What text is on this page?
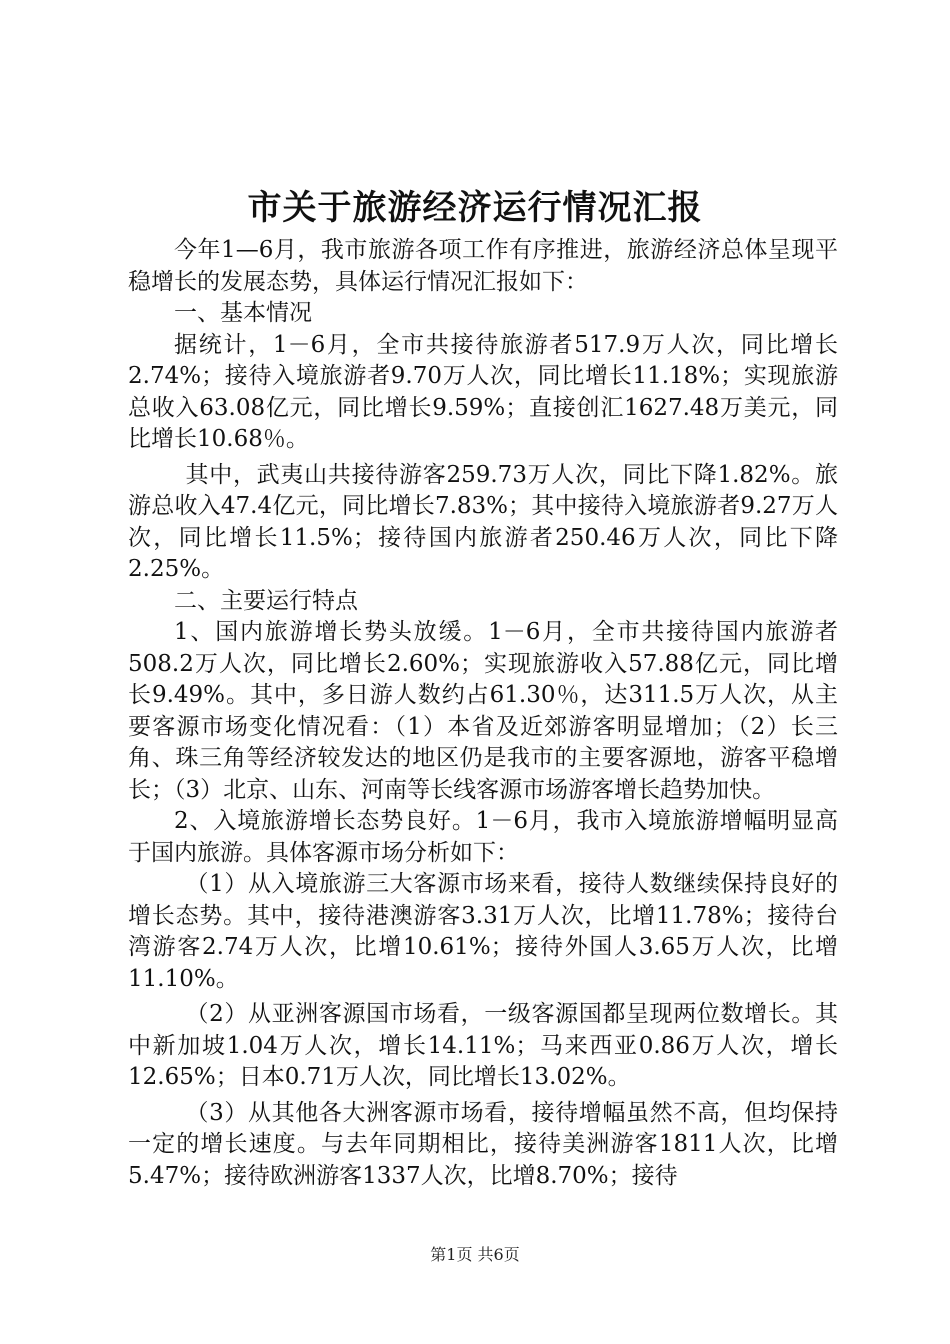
市关于旅游经济运行情况汇报

今年1—6月，我市旅游各项工作有序推进，旅游经济总体呈现平稳增长的发展态势，具体运行情况汇报如下：

一、基本情况

据统计，1－6月，全市共接待旅游者517.9万人次，同比增长2.74%；接待入境旅游者9.70万人次，同比增长11.18%；实现旅游总收入63.08亿元，同比增长9.59%；直接创汇1627.48万美元，同比增长10.68％。

其中，武夷山共接待游客259.73万人次，同比下降1.82%。旅游总收入47.4亿元，同比增长7.83%；其中接待入境旅游者9.27万人次，同比增长11.5%；接待国内旅游者250.46万人次，同比下降2.25%。

二、主要运行特点

1、国内旅游增长势头放缓。1－6月，全市共接待国内旅游者508.2万人次，同比增长2.60%；实现旅游收入57.88亿元，同比增长9.49%。其中，多日游人数约占61.30％，达311.5万人次，从主要客源市场变化情况看：（1）本省及近郊游客明显增加；（2）长三角、珠三角等经济较发达的地区仍是我市的主要客源地，游客平稳增长；（3）北京、山东、河南等长线客源市场游客增长趋势加快。

2、入境旅游增长态势良好。1－6月，我市入境旅游增幅明显高于国内旅游。具体客源市场分析如下：

（1）从入境旅游三大客源市场来看，接待人数继续保持良好的增长态势。其中，接待港澳游客3.31万人次，比增11.78%；接待台湾游客2.74万人次，比增10.61%；接待外国人3.65万人次，比增11.10%。

（2）从亚洲客源国市场看，一级客源国都呈现两位数增长。其中新加坡1.04万人次，增长14.11%；马来西亚0.86万人次，增长12.65%；日本0.71万人次，同比增长13.02%。

（3）从其他各大洲客源市场看，接待增幅虽然不高，但均保持一定的增长速度。与去年同期相比，接待美洲游客1811人次，比增5.47%；接待欧洲游客1337人次，比增8.70%；接待

第1页 共6页
